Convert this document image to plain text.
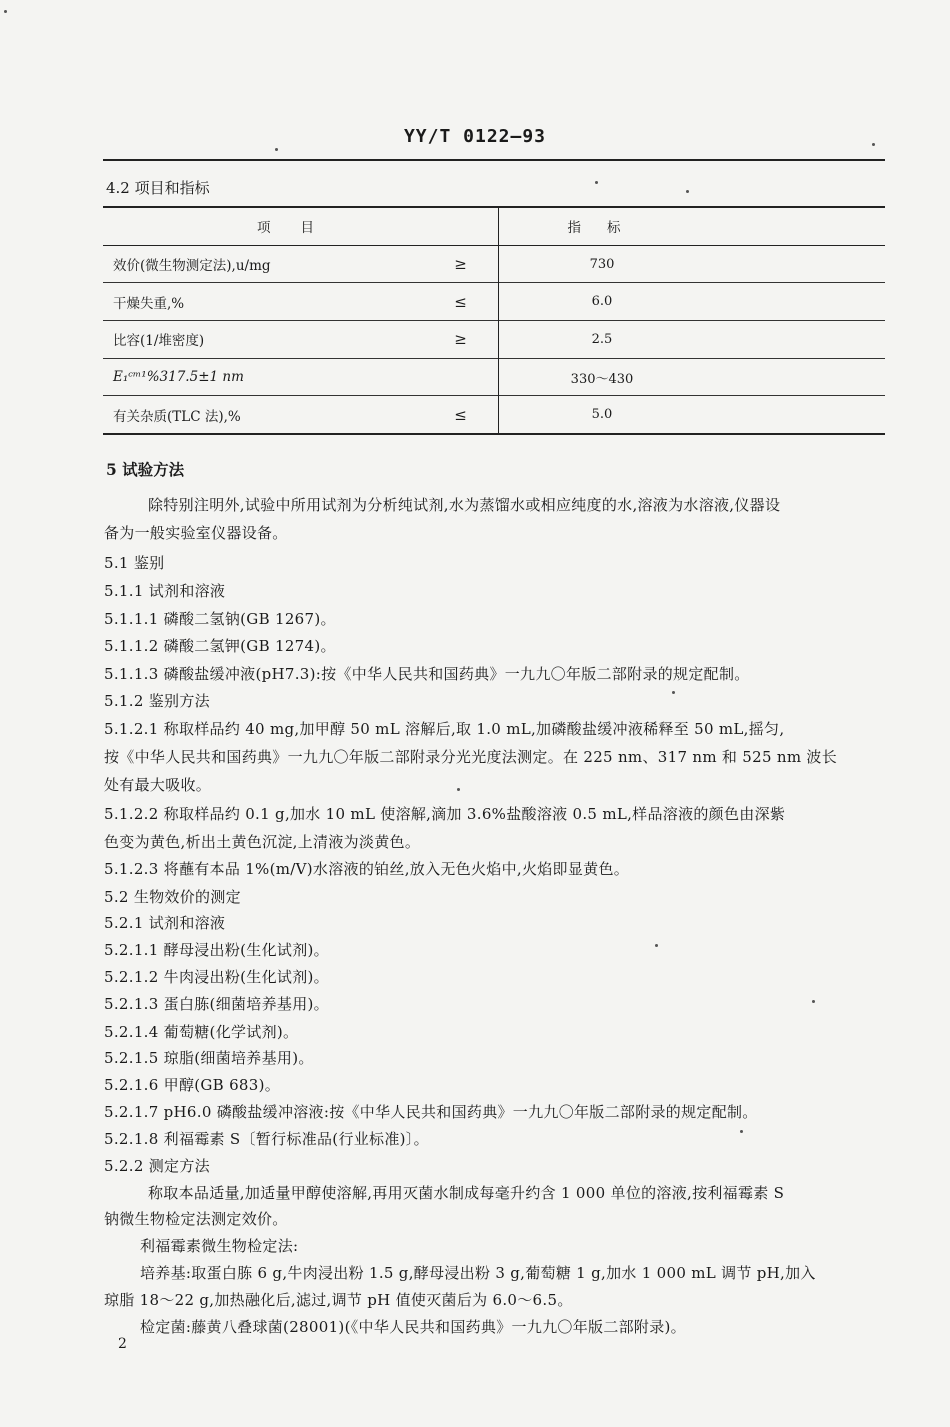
YY/T 0122—93
4.2 项目和指标
项目		指标
效价(微生物测定法),u/mg	≥	730
干燥失重,%	≤	6.0
比容(1/堆密度)	≥	2.5
E₁ᶜᵐ¹%317.5±1 nm		330～430
有关杂质(TLC 法),%	≤	5.0
5 试验方法
除特别注明外,试验中所用试剂为分析纯试剂,水为蒸馏水或相应纯度的水,溶液为水溶液,仪器设
备为一般实验室仪器设备。
5.1 鉴别
5.1.1 试剂和溶液
5.1.1.1 磷酸二氢钠(GB 1267)。
5.1.1.2 磷酸二氢钾(GB 1274)。
5.1.1.3 磷酸盐缓冲液(pH7.3):按《中华人民共和国药典》一九九〇年版二部附录的规定配制。
5.1.2 鉴别方法
5.1.2.1 称取样品约 40 mg,加甲醇 50 mL 溶解后,取 1.0 mL,加磷酸盐缓冲液稀释至 50 mL,摇匀,
按《中华人民共和国药典》一九九〇年版二部附录分光光度法测定。在 225 nm、317 nm 和 525 nm 波长
处有最大吸收。
5.1.2.2 称取样品约 0.1 g,加水 10 mL 使溶解,滴加 3.6%盐酸溶液 0.5 mL,样品溶液的颜色由深紫
色变为黄色,析出土黄色沉淀,上清液为淡黄色。
5.1.2.3 将蘸有本品 1%(m/V)水溶液的铂丝,放入无色火焰中,火焰即显黄色。
5.2 生物效价的测定
5.2.1 试剂和溶液
5.2.1.1 酵母浸出粉(生化试剂)。
5.2.1.2 牛肉浸出粉(生化试剂)。
5.2.1.3 蛋白胨(细菌培养基用)。
5.2.1.4 葡萄糖(化学试剂)。
5.2.1.5 琼脂(细菌培养基用)。
5.2.1.6 甲醇(GB 683)。
5.2.1.7 pH6.0 磷酸盐缓冲溶液:按《中华人民共和国药典》一九九〇年版二部附录的规定配制。
5.2.1.8 利福霉素 S〔暂行标准品(行业标准)〕。
5.2.2 测定方法
称取本品适量,加适量甲醇使溶解,再用灭菌水制成每毫升约含 1 000 单位的溶液,按利福霉素 S
钠微生物检定法测定效价。
利福霉素微生物检定法:
培养基:取蛋白胨 6 g,牛肉浸出粉 1.5 g,酵母浸出粉 3 g,葡萄糖 1 g,加水 1 000 mL 调节 pH,加入
琼脂 18～22 g,加热融化后,滤过,调节 pH 值使灭菌后为 6.0～6.5。
检定菌:藤黄八叠球菌(28001)(《中华人民共和国药典》一九九〇年版二部附录)。
2
